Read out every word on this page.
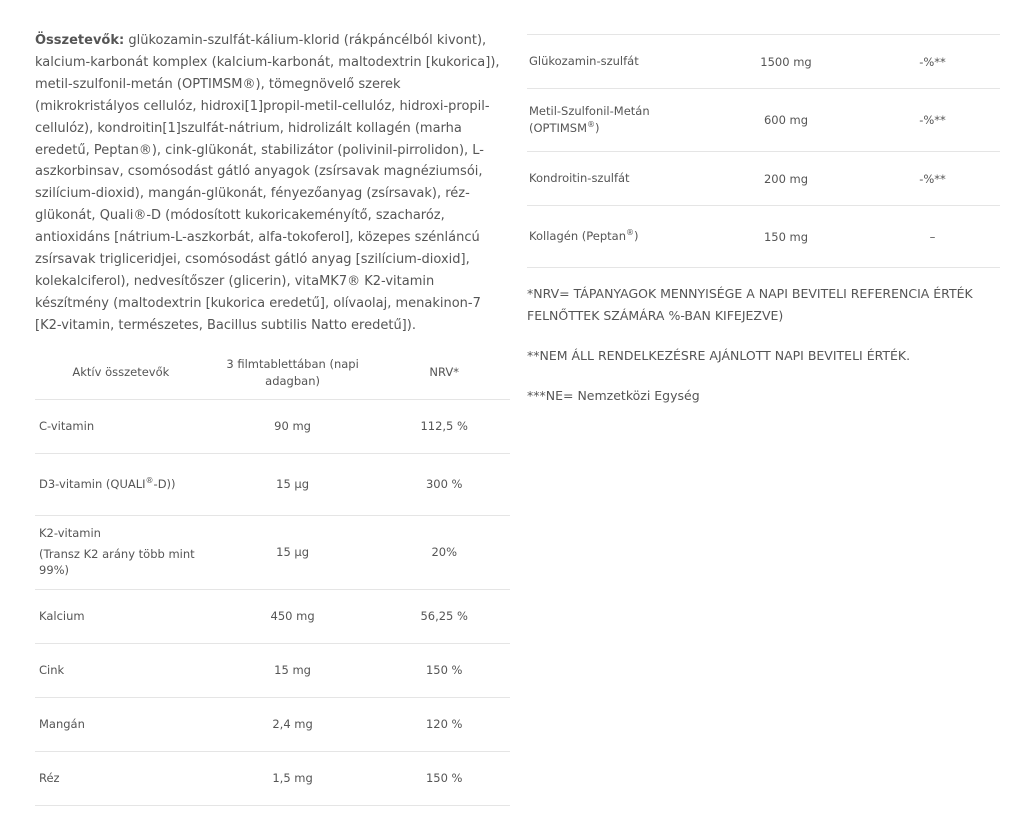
Összetevők: glükozamin-szulfát-kálium-klorid (rákpáncélból kivont), kalcium-karbonát komplex (kalcium-karbonát, maltodextrin [kukorica]), metil-szulfonil-metán (OPTIMSM®), tömegnövelő szerek (mikrokristályos cellulóz, hidroxi[1]propil-metil-cellulóz, hidroxi-propil-cellulóz), kondroitin[1]szulfát-nátrium, hidrolizált kollagén (marha eredetű, Peptan®), cink-glükonát, stabilizátor (polivinil-pirrolidon), L-aszkorbinsav, csomósodást gátló anyagok (zsírsavak magnéziumsói, szilícium-dioxid), mangán-glükonát, fényezőanyag (zsírsavak), réz-glükonát, Quali®-D (módosított kukoricakeményítő, szacharóz, antioxidáns [nátrium-L-aszkorbát, alfa-tokoferol], közepes szénláncú zsírsavak trigliceridjei, csomósodást gátló anyag [szilícium-dioxid], kolekalciferol), nedvesítőszer (glicerin), vitaMK7® K2-vitamin készítmény (maltodextrin [kukorica eredetű], olívaolaj, menakinon-7 [K2-vitamin, természetes, Bacillus subtilis Natto eredetű]).

Aktív összetevők	3 filmtablettában (napi adagban)	NRV*
C-vitamin	90 mg	112,5 %
D3-vitamin (QUALI®-D))	15 µg	300 %
K2-vitamin
(Transz K2 arány több mint 99%)	15 µg	20%
Kalcium	450 mg	56,25 %
Cink	15 mg	150 %
Mangán	2,4 mg	120 %
Réz	1,5 mg	150 %
Glükozamin-szulfát	1500 mg	-%**
Metil-Szulfonil-Metán (OPTIMSM®)	600 mg	-%**
Kondroitin-szulfát	200 mg	-%**
Kollagén (Peptan®)	150 mg	–

*NRV= TÁPANYAGOK MENNYISÉGE A NAPI BEVITELI REFERENCIA ÉRTÉK FELNŐTTEK SZÁMÁRA %-BAN KIFEJEZVE)

**NEM ÁLL RENDELKEZÉSRE AJÁNLOTT NAPI BEVITELI ÉRTÉK.

***NE= Nemzetközi Egység
